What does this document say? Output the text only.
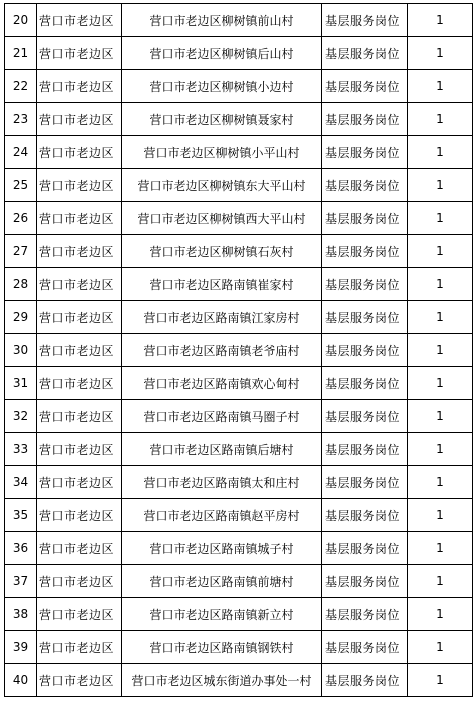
20	营口市老边区	营口市老边区柳树镇前山村	基层服务岗位	1
21	营口市老边区	营口市老边区柳树镇后山村	基层服务岗位	1
22	营口市老边区	营口市老边区柳树镇小边村	基层服务岗位	1
23	营口市老边区	营口市老边区柳树镇聂家村	基层服务岗位	1
24	营口市老边区	营口市老边区柳树镇小平山村	基层服务岗位	1
25	营口市老边区	营口市老边区柳树镇东大平山村	基层服务岗位	1
26	营口市老边区	营口市老边区柳树镇西大平山村	基层服务岗位	1
27	营口市老边区	营口市老边区柳树镇石灰村	基层服务岗位	1
28	营口市老边区	营口市老边区路南镇崔家村	基层服务岗位	1
29	营口市老边区	营口市老边区路南镇江家房村	基层服务岗位	1
30	营口市老边区	营口市老边区路南镇老爷庙村	基层服务岗位	1
31	营口市老边区	营口市老边区路南镇欢心甸村	基层服务岗位	1
32	营口市老边区	营口市老边区路南镇马圈子村	基层服务岗位	1
33	营口市老边区	营口市老边区路南镇后塘村	基层服务岗位	1
34	营口市老边区	营口市老边区路南镇太和庄村	基层服务岗位	1
35	营口市老边区	营口市老边区路南镇赵平房村	基层服务岗位	1
36	营口市老边区	营口市老边区路南镇城子村	基层服务岗位	1
37	营口市老边区	营口市老边区路南镇前塘村	基层服务岗位	1
38	营口市老边区	营口市老边区路南镇新立村	基层服务岗位	1
39	营口市老边区	营口市老边区路南镇钢铁村	基层服务岗位	1
40	营口市老边区	营口市老边区城东街道办事处一村	基层服务岗位	1
